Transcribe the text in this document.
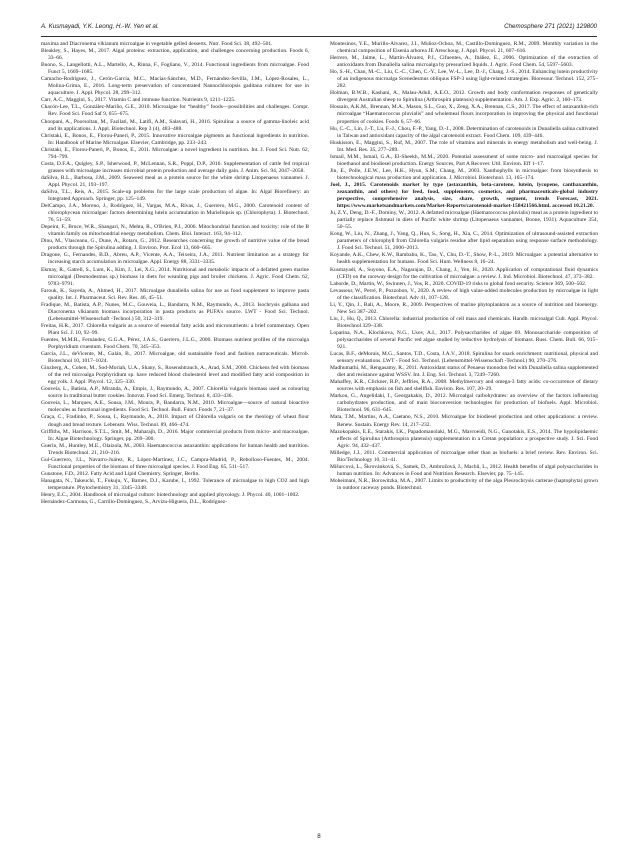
A. Kusmayadi, Y.K. Leong, H.-W. Yen et al.	Chemosphere 271 (2021) 129800

maxima and Diacronema vlkianum microalgae in vegetable gelled desserts. Nutr. Food Sci. 38, 492–501.

Bleakley, S., Hayes, M., 2017. Algal proteins: extraction, application, and challenges concerning production. Foods 6, 33–66.

Buono, S., Langellotti, A.L., Martello, A., Rinna, F., Fogliano, V., 2014. Functional ingredients from microalgae. Food Funct 5, 1669–1685.

Camacho-Rodríguez, J., Cerón-García, M.C., Macías-Sánchez, M.D., Fernández-Sevilla, J.M., López-Rosales, L., Molina-Grima, E., 2016. Long-term preservation of concentrated Nannochloropsis gaditana cultures for use in aquaculture. J. Appl. Phycol. 28, 299–312.

Carr, A.C., Maggini, S., 2017. Vitamin C and immune function. Nutrients 9, 1211–1225.

Chacón-Lee, T.L., González-Mariño, G.E., 2010. Microalgae for “healthy” foods—possibilities and challenges. Compr. Rev. Food Sci. Food Saf 9, 655–675.

Choopani, A., Poorsoltan, M., Fazilati, M., Latifi, A.M., Salavati, H., 2016. Spirulina: a source of gamma-linoleic acid and its applications. J. Appl. Biotechnol. Rep 3 (4), 483–488.

Christaki, E., Bonos, E., Florou-Paneri, P., 2015. Innovative microalgae pigments as functional ingredients in nutrition. In: Handbook of Marine Microalgae. Elsevier, Cambridge, pp. 233–243.

Christaki, E., Florou-Paneri, P., Bonos, E., 2011. Microalgae: a novel ingredient in nutrition. Int. J. Food Sci. Nutr. 62, 794–799.

Costa, D.F.A., Quigley, S.P., Isherwood, P., McLennan, S.R., Poppi, D.P., 2016. Supplementation of cattle fed tropical grasses with microalgae increases microbial protein production and average daily gain. J. Anim. Sci. 94, 2047–2058.

daSilva, R.L., Barbosa, J.M., 2009. Seaweed meal as a protein source for the white shrimp Litopenaeus vannamei. J. Appl. Phycol. 21, 193–197.

daSilva, T.L., Reis, A., 2015. Scale-up problems for the large scale production of algae. In: Algal Biorefinery: an Integrated Approach. Springer, pp. 125–149.

DelCampo, J.A., Moreno, J., Rodríguez, H., Vargas, M.A., Rivas, J., Guerrero, M.G., 2000. Carotenoid content of chlorophycean microalgae: factors determining lutein accumulation in Muriellopsis sp. (Chlorophyta). J. Biotechnol. 76, 51–59.

Depeint, F., Bruce, W.R., Shangari, N., Mehta, R., O'Brien, P.J., 2006. Mitochondrial function and toxicity: role of the B vitamin family on mitochondrial energy metabolism. Chem. Biol. Interact. 163, 94–112.

Dinu, M., Vlasceanu, G., Dune, A., Rotaru, G., 2012. Researches concerning the growth of nutritive value of the bread products through the Spirulina adding. J. Environ. Prot. Ecol 13, 660–665.

Dragone, G., Fernandes, B.D., Abreu, A.P., Vicente, A.A., Teixeira, J.A., 2011. Nutrient limitation as a strategy for increasing starch accumulation in microalgae. Appl. Energy 88, 3331–3335.

Ekmay, R., Gatrell, S., Lum, K., Kim, J., Lei, X.G., 2014. Nutritional and metabolic impacts of a defatted green marine microalgal (Desmodesmus sp.) biomass in diets for weanling pigs and broiler chickens. J. Agric. Food Chem. 62, 9783–9791.

Farouk, K., Sayeda, A., Ahmed, H., 2017. Microalgae dunaliella salina for use as food supplement to improve pasta quality. Int. J. Pharmaceut. Sci. Rev. Res. 46, 45–51.

Fradique, M., Batista, A.P., Nunes, M.C., Gouveia, L., Bandarra, N.M., Raymundo, A., 2013. Isochrysis galbana and Diacronema vlkianum biomass incorporation in pasta products as PUFA's source. LWT - Food Sci. Technol. (Lebensmittel-Wissenschaft -Technol.) 50, 312–319.

Freitas, H.R., 2017. Chlorella vulgaris as a source of essential fatty acids and micronutrients: a brief commentary. Open Plant Sci. J. 10, 92–99.

Fuentes, M.M.R., Fernández, G.G.A., Pérez, J.A.S., Guerrero, J.L.G., 2000. Biomass nutrient profiles of the microalga Porphyridium cruentum. Food Chem. 70, 345–353.

García, J.L., deVicente, M., Galán, B., 2017. Microalgae, old sustainable food and fashion nutraceuticals. Microb. Biotechnol 10, 1017–1024.

Ginzberg, A., Cohen, M., Sod-Moriah, U.A., Shany, S., Rosenshtrauch, A., Arad, S.M., 2000. Chickens fed with biomass of the red microalga Porphyridium sp. have reduced blood cholesterol level and modified fatty acid composition in egg yolk. J. Appl. Phycol. 12, 325–330.

Gouveia, L., Batista, A.P., Miranda, A., Empis, J., Raymundo, A., 2007. Chlorella vulgaris biomass used as colouring source in traditional butter cookies. Innovat. Food Sci. Emerg. Technol. 8, 433–436.

Gouveia, L., Marques, A.E., Sousa, J.M., Moura, P., Bandarra, N.M., 2010. Microalgae—source of natural bioactive molecules as functional ingredients. Food Sci. Technol. Bull. Funct. Foods 7, 21–37.

Graça, C., Fradinho, P., Sousa, I., Raymundo, A., 2018. Impact of Chlorella vulgaris on the rheology of wheat flour dough and bread texture. Lebensm. Wiss. Technol. 89, 466–474.

Griffiths, M., Harrison, S.T.L., Smit, M., Maharajh, D., 2016. Major commercial products from micro- and macroalgae. In: Algae Biotechnology. Springer, pp. 269–300.

Guerin, M., Huntley, M.E., Olaizola, M., 2003. Haematococcus astaxanthin: applications for human health and nutrition. Trends Biotechnol. 21, 210–216.

Gul-Guerrero, J.L., Navarro-Juárez, R., López-Martínez, J.C., Campra-Madrid, P., Rebolloso-Fuentes, M., 2004. Functional properties of the biomass of three microalgal species. J. Food Eng. 65, 511–517.

Gunstone, F.D., 2012. Fatty Acid and Lipid Chemistry. Springer, Berlin.

Hanagata, N., Takeuchi, T., Fukuju, Y., Barnes, D.J., Karube, I., 1992. Tolerance of microalgae to high CO2 and high temperature. Phytochemistry 31, 3345–3348.

Henry, E.C., 2004. Handbook of microalgal culture: biotechnology and applied phycology. J. Phycol. 40, 1001–1002.

Hernández-Carmona, G., Carrillo-Domínguez, S., Arvizu-Higuera, D.L., Rodríguez-

Montesinos, Y.E., Murillo-Álvarez, J.I., Muñoz-Ochoa, M., Castillo-Domínguez, R.M., 2009. Monthly variation in the chemical composition of Eisenia arborea JE Areschoug. J. Appl. Phycol. 21, 607–616.

Herrero, M., Jaime, L., Martín-Álvarez, P.J., Cifuentes, A., Ibáñez, E., 2006. Optimization of the extraction of antioxidants from Dunaliella salina microalga by pressurized liquids. J. Agric. Food Chem. 54, 5597–5603.

Ho, S.-H., Chan, M.-C., Liu, C.-C., Chen, C.-Y., Lee, W.-L., Lee, D.-J., Chang, J.-S., 2014. Enhancing lutein productivity of an indigenous microalga Scenedesmus obliquus FSP-3 using light-related strategies. Bioresour. Technol. 152, 275–282.

Holman, B.W.B., Kashani, A., Malau-Aduli, A.E.O., 2012. Growth and body conformation responses of genetically divergent Australian sheep to Spirulina (Arthrospira platensis) supplementation. Am. J. Exp. Agric. 2, 160–173.

Hossain, A.K.M., Brennan, M.A., Mason, S.L., Guo, X., Zeng, X.A., Brennan, C.S., 2017. The effect of astaxanthin-rich microalgae “Haematococcus pluvialis” and wholemeal flours incorporation in improving the physical and functional properties of cookies. Foods 6, 57–66.

Hu, C.-C., Lin, J.-T., Lu, F.-J., Chou, F.-P., Yang, D.-J., 2008. Determination of carotenoids in Dunaliella salina cultivated in Taiwan and antioxidant capacity of the algal carotenoid extract. Food Chem. 109, 439–446.

Huskisson, E., Maggini, S., Ruf, M., 2007. The role of vitamins and minerals in energy metabolism and well-being. J. Int. Med. Res. 35, 277–289.

Ismail, M.M., Ismail, G.A., El-Sheekh, M.M., 2020. Potential assessment of some micro- and macroalgal species for bioethanol and biodiesel production. Energy Sources, Part A Recover. Util. Environ. Eff 1–17.

Jin, E., Polle, J.E.W., Lee, H.K., Hyun, S.M., Chang, M., 2003. Xanthophylls in microalgae: from biosynthesis to biotechnological mass production and application. J. Microbiol. Biotechnol. 13, 165–174.

Joel, J., 2015. Carotenoids market by type (astaxanthin, beta-carotene, lutein, lycopene, canthaxanthin, zeaxanthin, and others) for feed, food, supplements, cosmetics, and pharmaceuticals-global industry perspective, comprehensive analysis, size, share, growth, segment, trends Forecast, 2021. https://www.marketsandmarkets.com/Market-Reports/carotenoid-market-158421566.html. accessed 10.21.20.

Ju, Z.Y., Deng, D.-F., Dominy, W., 2012. A defatted microalgae (Haematococcus pluvialis) meal as a protein ingredient to partially replace fishmeal in diets of Pacific white shrimp (Litopenaeus vannamei, Boone, 1931). Aquaculture 354, 50–55.

Kong, W., Liu, N., Zhang, J., Yang, Q., Hua, S., Song, H., Xia, C., 2014. Optimization of ultrasound-assisted extraction parameters of chlorophyll from Chlorella vulgaris residue after lipid separation using response surface methodology. J. Food Sci. Technol. 51, 2006–2013.

Koyande, A.K., Chew, K.W., Rambabu, K., Tao, Y., Chu, D.-T., Show, P.-L., 2019. Microalgae: a potential alternative to health supplementation for humans. Food Sci. Hum. Wellness 8, 16–24.

Kusmayadi, A., Suyono, E.A., Nagarajan, D., Chang, J., Yen, H., 2020. Application of computational fluid dynamics (CFD) on the raceway design for the cultivation of microalgae: a review. J. Ind. Microbiol. Biotechnol. 47, 373–382.

Laborde, D., Martin, W., Swinnen, J., Vos, R., 2020. COVID-19 risks to global food security. Science 369, 500–502.

Levasseur, W., Perré, P., Pozzobon, V., 2020. A review of high value-added molecules production by microalgae in light of the classification. Biotechnol. Adv 41, 107–128.

Li, Y., Qin, J., Bali, A., Moore, R., 2009. Perspectives of marine phytoplankton as a source of nutrition and bioenergy. New Sci 387–202.

Liu, J., Hu, Q., 2013. Chlorella: industrial production of cell mass and chemicals. Handb. microalgal Cult. Appl. Phycol. Biotechnol 329–338.

Lopatina, N.A., Klochkova, N.G., Usov, A.I., 2017. Polysaccharides of algae 69. Monosaccharide composition of polysaccharides of several Pacific red algae studied by reductive hydrolysis of biomass. Russ. Chem. Bull. 66, 915–921.

Lucas, B.F., deMorais, M.G., Santos, T.D., Costa, J.A.V., 2018. Spirulina for snack enrichment: nutritional, physical and sensory evaluations. LWT - Food Sci. Technol. (Lebensmittel-Wissenschaft -Technol.) 90, 270–276.

Madhumathi, M., Rengasamy, R., 2011. Antioxidant status of Penaeus monodon fed with Dunaliella salina supplemented diet and resistance against WSSV. Int. J. Eng. Sci. Technol. 3, 7249–7260.

Mahaffey, K.R., Clickner, R.P., Jeffries, R.A., 2008. Methylmercury and omega-3 fatty acids: co-occurrence of dietary sources with emphasis on fish and shellfish. Environ. Res. 107, 20–29.

Markou, G., Angelidaki, I., Georgakakis, D., 2012. Microalgal carbohydrates: an overview of the factors influencing carbohydrates production, and of main bioconversion technologies for production of biofuels. Appl. Microbiol. Biotechnol. 96, 631–645.

Mata, T.M., Martins, A.A., Caetano, N.S., 2010. Microalgae for biodiesel production and other applications: a review. Renew. Sustain. Energy Rev. 14, 217–232.

Mazokopakis, E.E., Starakis, I.K., Papadomanolaki, M.G., Mavroeidi, N.G., Ganotakis, E.S., 2014. The hypolipidaemic effects of Spirulina (Arthrospira platensis) supplementation in a Cretan population: a prospective study. J. Sci. Food Agric. 94, 432–437.

Milledge, J.J., 2011. Commercial application of microalgae other than as biofuels: a brief review. Rev. Environ. Sci. Bio/Technology 10, 31–41.

Mišurcová, L., Škrovánková, S., Samek, D., Ambrožová, J., Machů, L., 2012. Health benefits of algal polysaccharides in human nutrition. In: Advances in Food and Nutrition Research. Elsevier, pp. 75–145.

Moheimani, N.R., Borowitzka, M.A., 2007. Limits to productivity of the alga Pleurochrysis carterae (haptophyta) grown in outdoor raceway ponds. Biotechnol.

8
